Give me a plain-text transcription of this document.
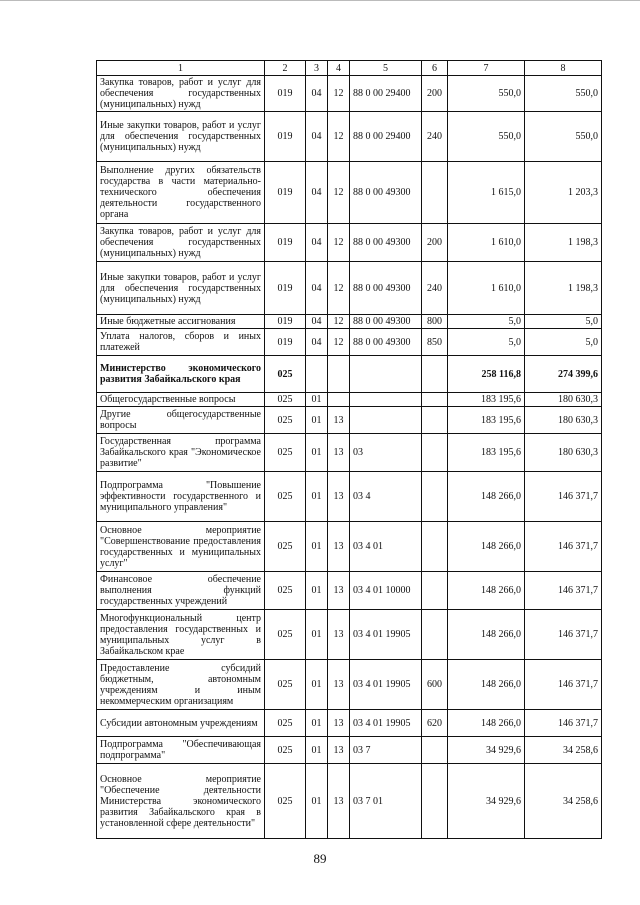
1	2	3	4	5	6	7	8
Закупка товаров, работ и услуг для обеспечения государственных (муниципальных) нужд	019	04	12	88 0 00 29400	200	550,0	550,0
Иные закупки товаров, работ и услуг для обеспечения государственных (муниципальных) нужд	019	04	12	88 0 00 29400	240	550,0	550,0
Выполнение других обязательств государства в части материально-технического обеспечения деятельности государственного органа	019	04	12	88 0 00 49300		1 615,0	1 203,3
Закупка товаров, работ и услуг для обеспечения государственных (муниципальных) нужд	019	04	12	88 0 00 49300	200	1 610,0	1 198,3
Иные закупки товаров, работ и услуг для обеспечения государственных (муниципальных) нужд	019	04	12	88 0 00 49300	240	1 610,0	1 198,3
Иные бюджетные ассигнования	019	04	12	88 0 00 49300	800	5,0	5,0
Уплата налогов, сборов и иных платежей	019	04	12	88 0 00 49300	850	5,0	5,0
Министерство экономического развития Забайкальского края	025					258 116,8	274 399,6
Общегосударственные вопросы	025	01				183 195,6	180 630,3
Другие общегосударственные вопросы	025	01	13			183 195,6	180 630,3
Государственная программа Забайкальского края "Экономическое развитие"	025	01	13	03		183 195,6	180 630,3
Подпрограмма "Повышение эффективности государственного и муниципального управления"	025	01	13	03 4		148 266,0	146 371,7
Основное мероприятие "Совершенствование предоставления государственных и муниципальных услуг"	025	01	13	03 4 01		148 266,0	146 371,7
Финансовое обеспечение выполнения функций государственных учреждений	025	01	13	03 4 01 10000		148 266,0	146 371,7
Многофункциональный центр предоставления государственных и муниципальных услуг в Забайкальском крае	025	01	13	03 4 01 19905		148 266,0	146 371,7
Предоставление субсидий бюджетным, автономным учреждениям и иным некоммерческим организациям	025	01	13	03 4 01 19905	600	148 266,0	146 371,7
Субсидии автономным учреждениям	025	01	13	03 4 01 19905	620	148 266,0	146 371,7
Подпрограмма "Обеспечивающая подпрограмма"	025	01	13	03 7		34 929,6	34 258,6
Основное мероприятие "Обеспечение деятельности Министерства экономического развития Забайкальского края в установленной сфере деятельности"	025	01	13	03 7 01		34 929,6	34 258,6
89
